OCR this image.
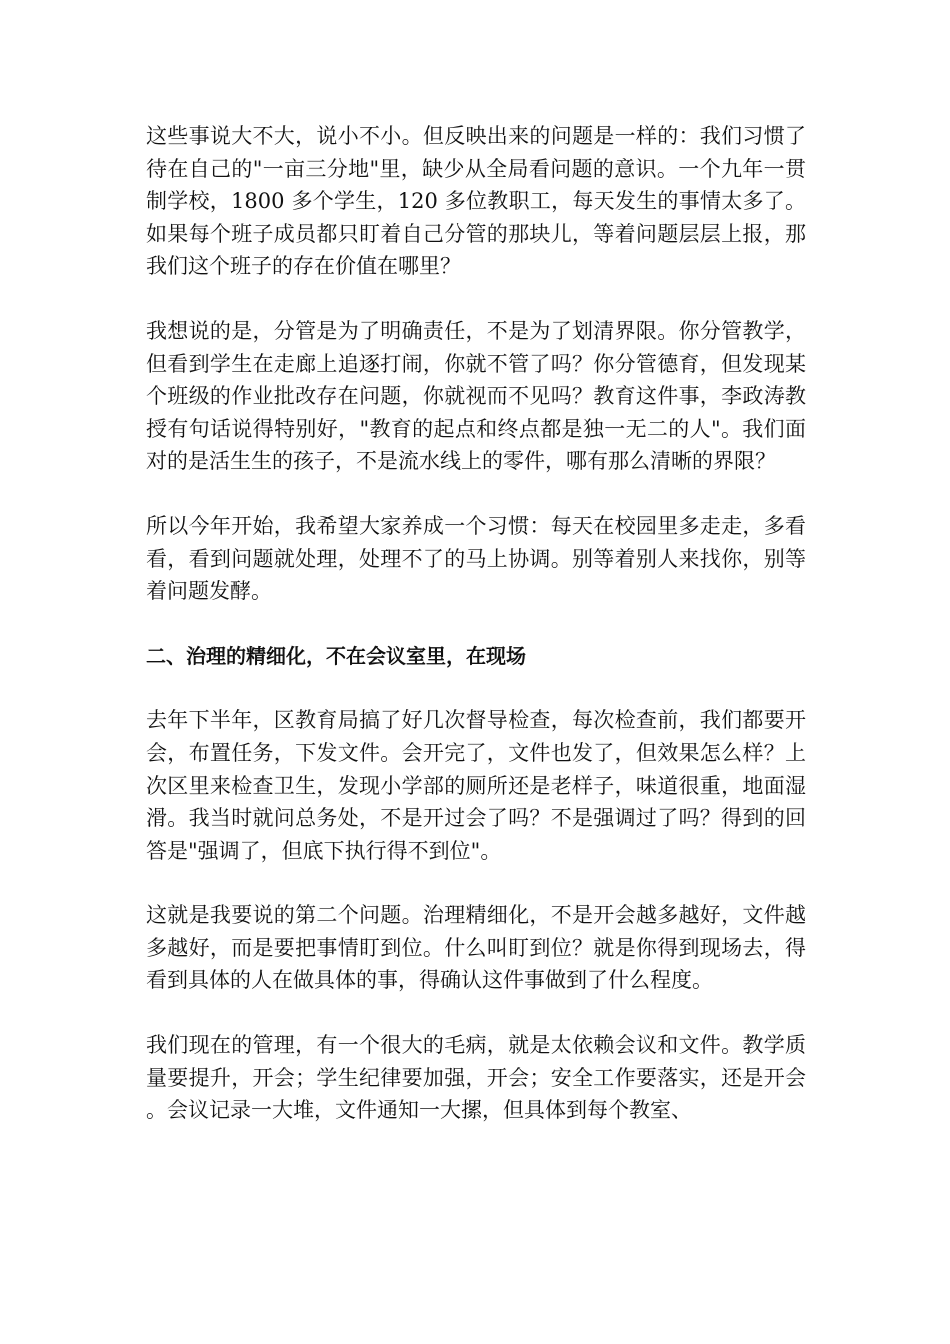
这些事说大不大，说小不小。但反映出来的问题是一样的：我们习惯了待在自己的"一亩三分地"里，缺少从全局看问题的意识。一个九年一贯制学校，1800 多个学生，120 多位教职工，每天发生的事情太多了。如果每个班子成员都只盯着自己分管的那块儿，等着问题层层上报，那我们这个班子的存在价值在哪里？

我想说的是，分管是为了明确责任，不是为了划清界限。你分管教学，但看到学生在走廊上追逐打闹，你就不管了吗？你分管德育，但发现某个班级的作业批改存在问题，你就视而不见吗？教育这件事，李政涛教授有句话说得特别好，"教育的起点和终点都是独一无二的人"。我们面对的是活生生的孩子，不是流水线上的零件，哪有那么清晰的界限？

所以今年开始，我希望大家养成一个习惯：每天在校园里多走走，多看看，看到问题就处理，处理不了的马上协调。别等着别人来找你，别等着问题发酵。

二、治理的精细化，不在会议室里，在现场

去年下半年，区教育局搞了好几次督导检查，每次检查前，我们都要开会，布置任务，下发文件。会开完了，文件也发了，但效果怎么样？上次区里来检查卫生，发现小学部的厕所还是老样子，味道很重，地面湿滑。我当时就问总务处，不是开过会了吗？不是强调过了吗？得到的回答是"强调了，但底下执行得不到位"。

这就是我要说的第二个问题。治理精细化，不是开会越多越好，文件越多越好，而是要把事情盯到位。什么叫盯到位？就是你得到现场去，得看到具体的人在做具体的事，得确认这件事做到了什么程度。

我们现在的管理，有一个很大的毛病，就是太依赖会议和文件。教学质量要提升，开会；学生纪律要加强，开会；安全工作要落实，还是开会。会议记录一大堆，文件通知一大摞，但具体到每个教室、
